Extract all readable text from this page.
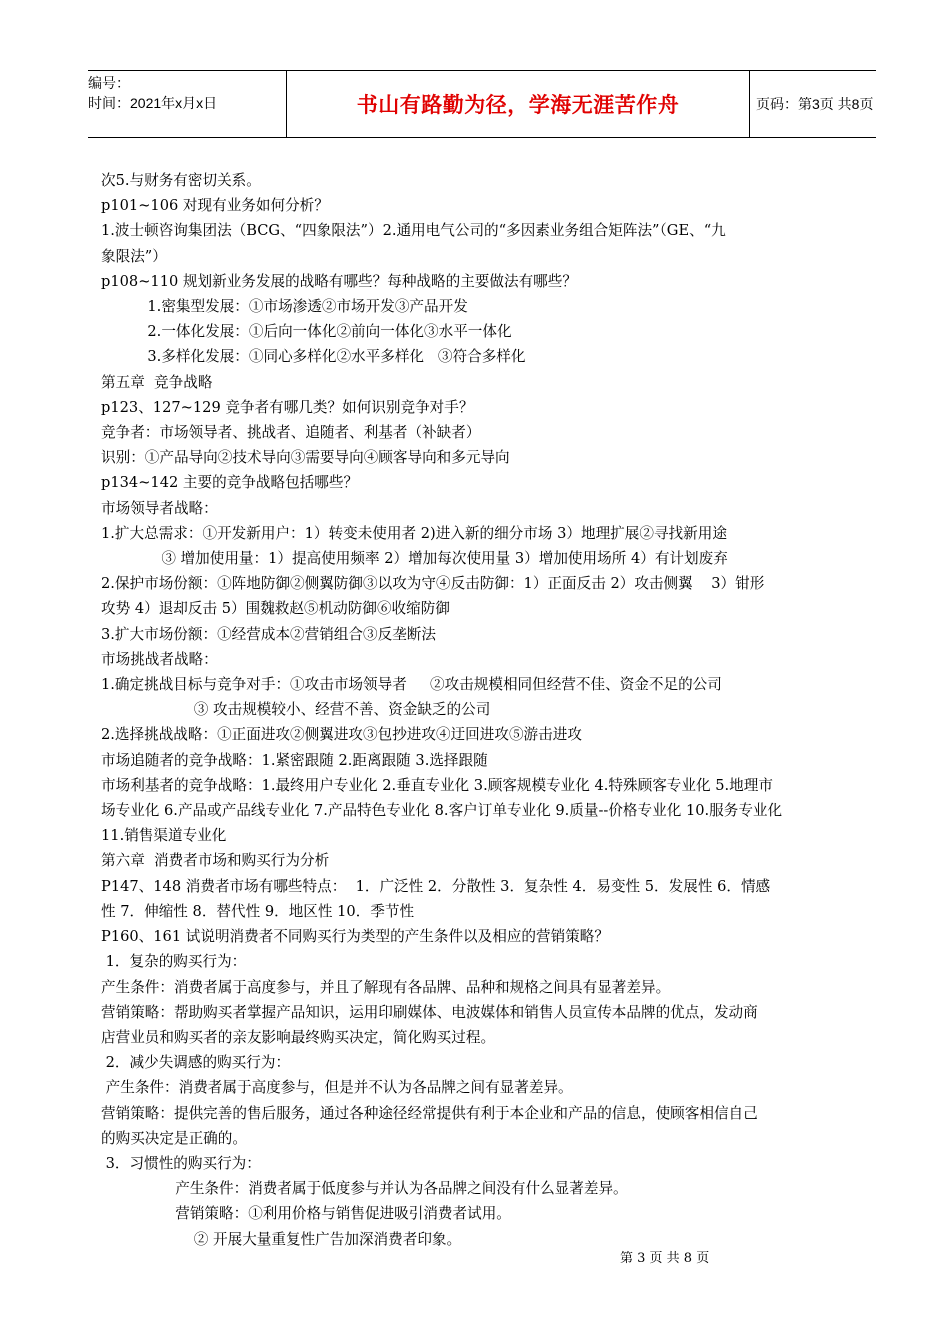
编号：
时间：2021年x月x日	书山有路勤为径，学海无涯苦作舟	页码：第3页 共8页
次5.与财务有密切关系。
p101~106 对现有业务如何分析？
1.波士顿咨询集团法（BCG、“四象限法”）2.通用电气公司的“多因素业务组合矩阵法”（GE、“九
象限法”）
p108~110 规划新业务发展的战略有哪些？每种战略的主要做法有哪些？
1.密集型发展：①市场渗透②市场开发③产品开发
2.一体化发展：①后向一体化②前向一体化③水平一体化
3.多样化发展：①同心多样化②水平多样化   ③符合多样化
第五章  竞争战略
p123、127~129 竞争者有哪几类？如何识别竞争对手？
竞争者：市场领导者、挑战者、追随者、利基者（补缺者）
识别：①产品导向②技术导向③需要导向④顾客导向和多元导向
p134~142 主要的竞争战略包括哪些？
市场领导者战略：
1.扩大总需求：①开发新用户：1）转变未使用者 2)进入新的细分市场 3）地理扩展②寻找新用途
③ 增加使用量：1）提高使用频率 2）增加每次使用量 3）增加使用场所 4）有计划废弃
2.保护市场份额：①阵地防御②侧翼防御③以攻为守④反击防御：1）正面反击 2）攻击侧翼    3）钳形
攻势 4）退却反击 5）围魏救赵⑤机动防御⑥收缩防御
3.扩大市场份额：①经营成本②营销组合③反垄断法
市场挑战者战略：
1.确定挑战目标与竞争对手：①攻击市场领导者     ②攻击规模相同但经营不佳、资金不足的公司
③ 攻击规模较小、经营不善、资金缺乏的公司
2.选择挑战战略：①正面进攻②侧翼进攻③包抄进攻④迂回进攻⑤游击进攻
市场追随者的竞争战略：1.紧密跟随 2.距离跟随 3.选择跟随
市场利基者的竞争战略：1.最终用户专业化 2.垂直专业化 3.顾客规模专业化 4.特殊顾客专业化 5.地理市
场专业化 6.产品或产品线专业化 7.产品特色专业化 8.客户订单专业化 9.质量--价格专业化 10.服务专业化
11.销售渠道专业化
第六章  消费者市场和购买行为分析
P147、148 消费者市场有哪些特点：  1．广泛性 2．分散性 3．复杂性 4．易变性 5．发展性 6．情感
性 7．伸缩性 8．替代性 9．地区性 10．季节性
P160、161 试说明消费者不同购买行为类型的产生条件以及相应的营销策略？
1．复杂的购买行为：
产生条件：消费者属于高度参与，并且了解现有各品牌、品种和规格之间具有显著差异。
营销策略：帮助购买者掌握产品知识，运用印刷媒体、电波媒体和销售人员宣传本品牌的优点，发动商
店营业员和购买者的亲友影响最终购买决定，简化购买过程。
2．减少失调感的购买行为：
产生条件：消费者属于高度参与，但是并不认为各品牌之间有显著差异。
营销策略：提供完善的售后服务，通过各种途径经常提供有利于本企业和产品的信息，使顾客相信自己
的购买决定是正确的。
3．习惯性的购买行为：
产生条件：消费者属于低度参与并认为各品牌之间没有什么显著差异。
营销策略：①利用价格与销售促进吸引消费者试用。
② 开展大量重复性广告加深消费者印象。
第 3 页 共 8 页
